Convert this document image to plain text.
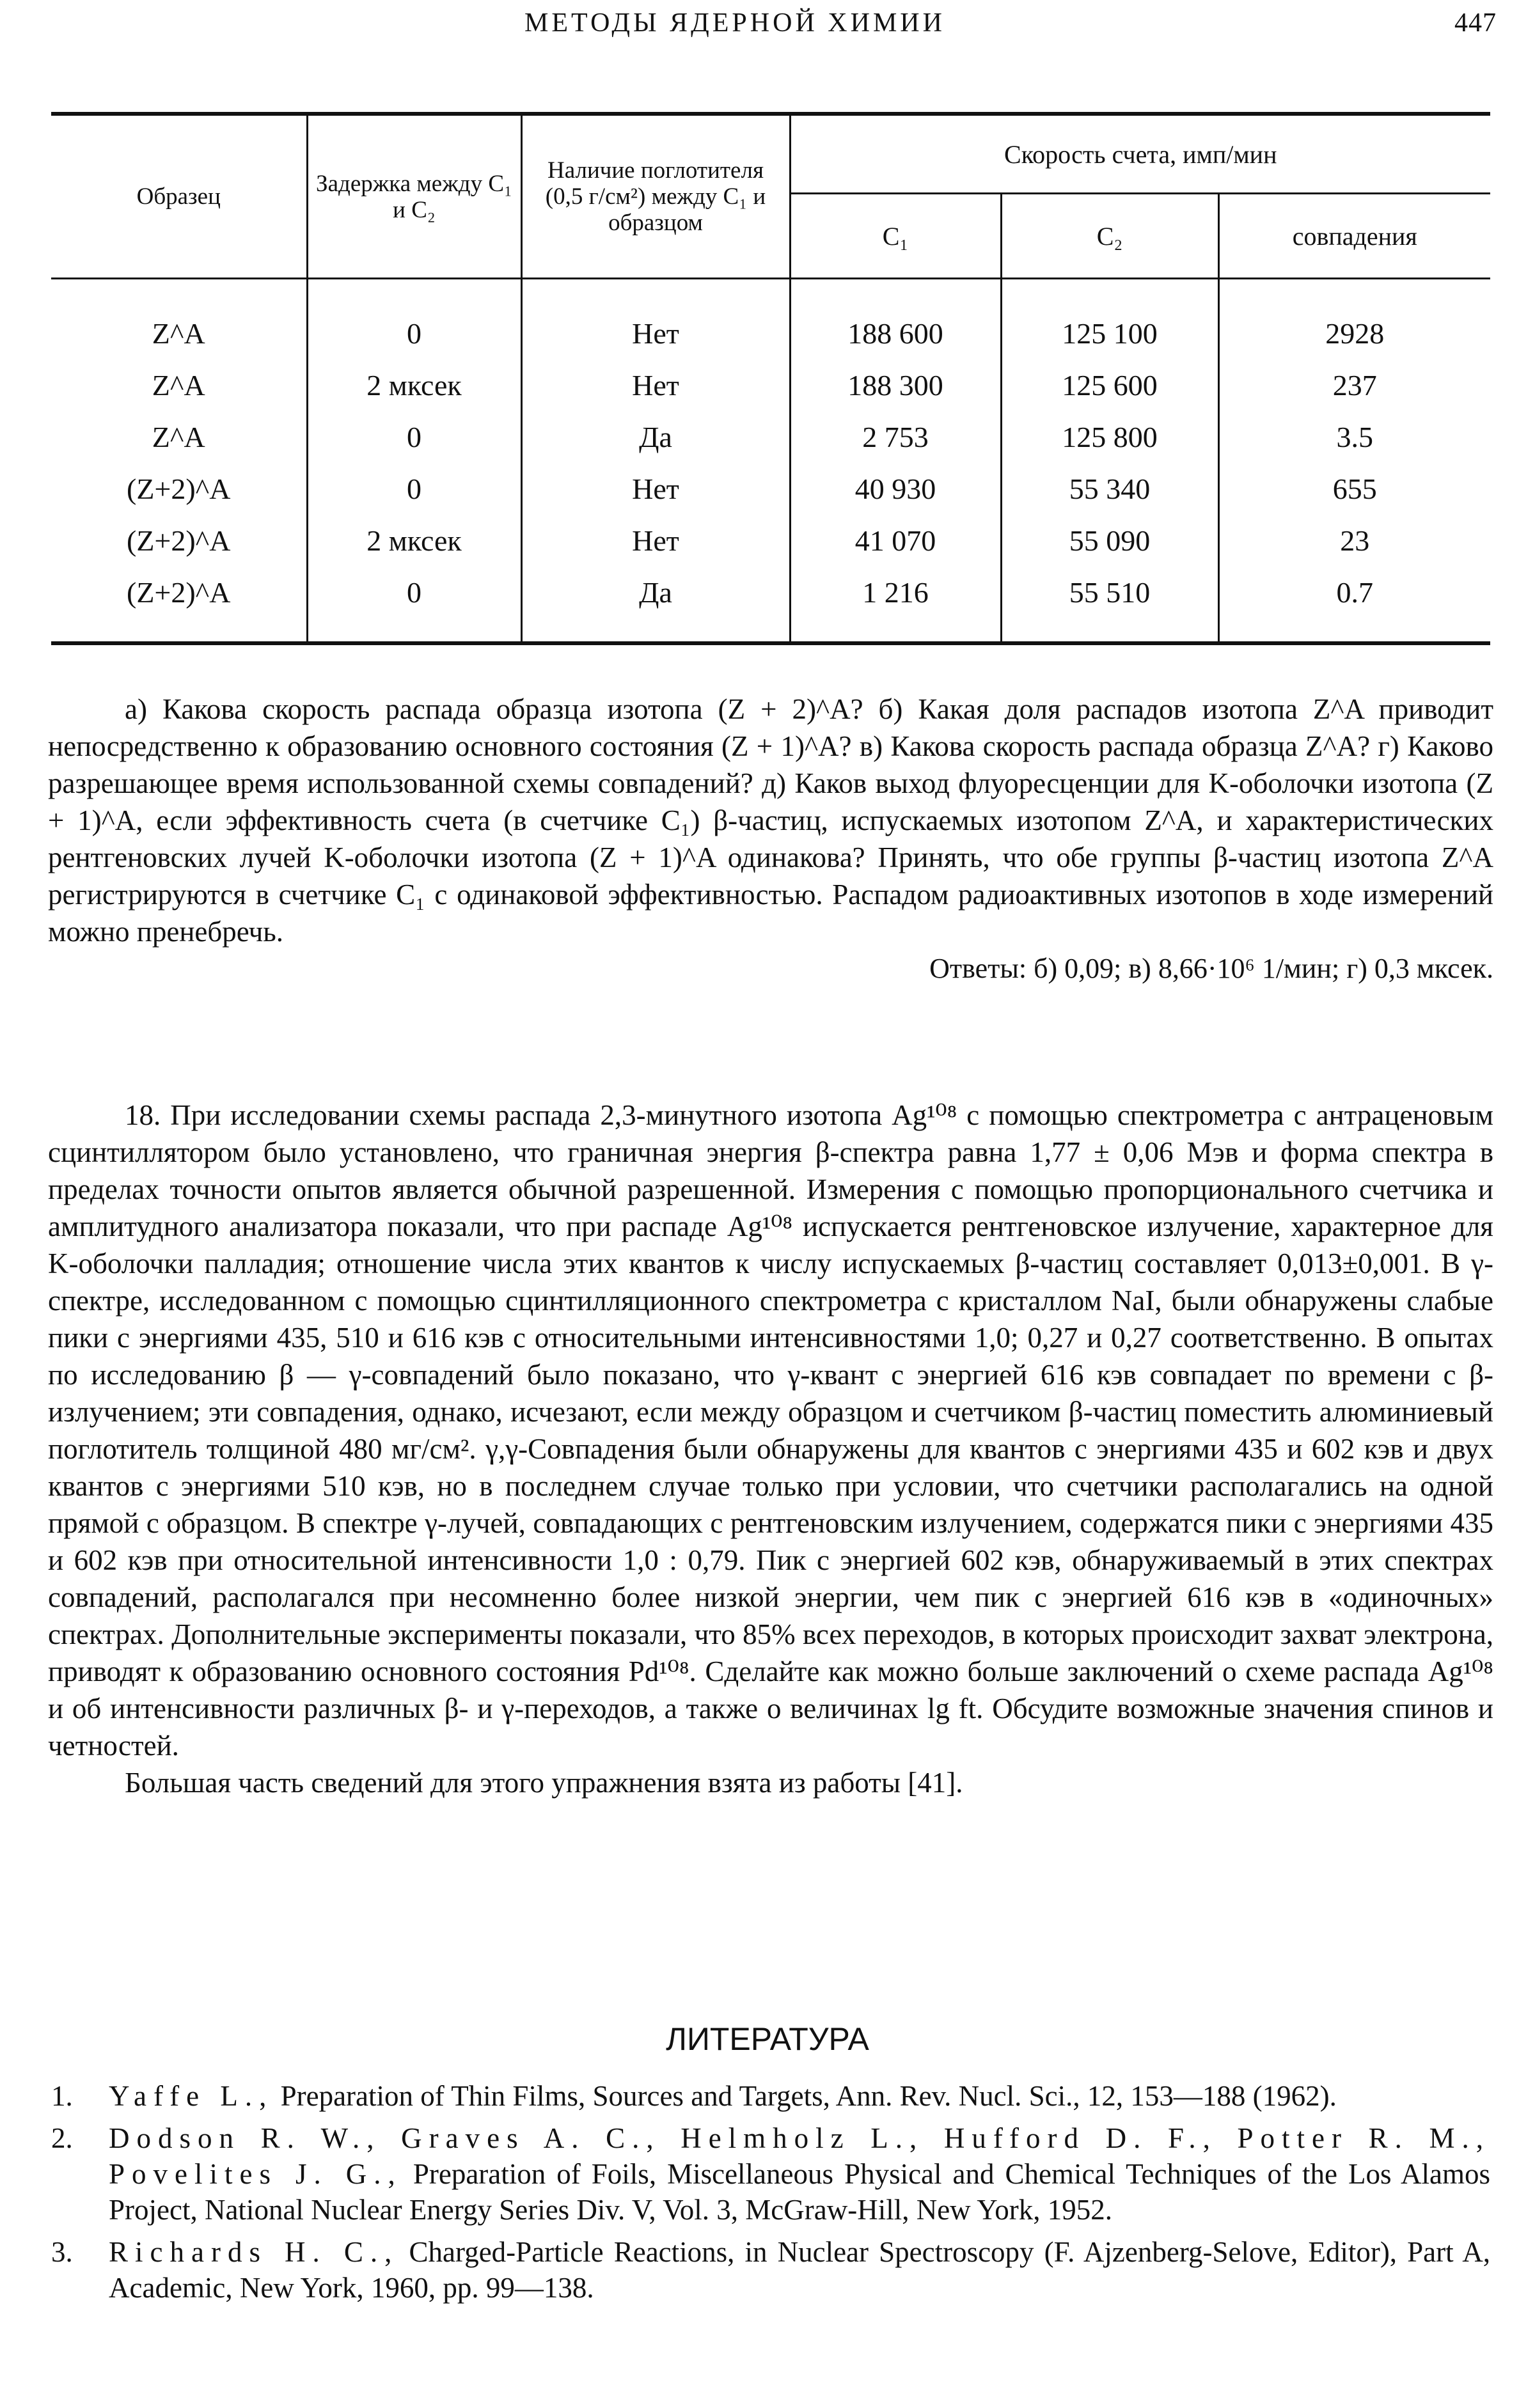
МЕТОДЫ ЯДЕРНОЙ ХИМИИ	447
Образец	Задержка между C₁ и C₂	Наличие поглотителя (0,5 г/см²) между C₁ и образцом	Скорость счета, имп/мин		
			C₁	C₂	совпадения
Z^A	0	Нет	188 600	125 100	2928
Z^A	2 мксек	Нет	188 300	125 600	237
Z^A	0	Да	2 753	125 800	3.5
(Z+2)^A	0	Нет	40 930	55 340	655
(Z+2)^A	2 мксек	Нет	41 070	55 090	23
(Z+2)^A	0	Да	1 216	55 510	0.7

а) Какова скорость распада образца изотопа (Z + 2)^A? б) Какая доля распадов изотопа Z^A приводит непосредственно к образованию основного состояния (Z + 1)^A? в) Какова скорость распада образца Z^A? г) Каково разрешающее время использованной схемы совпадений? д) Каков выход флуоресценции для K-оболочки изотопа (Z + 1)^A, если эффективность счета (в счетчике C₁) β-частиц, испускаемых изотопом Z^A, и характеристических рентгеновских лучей K-оболочки изотопа (Z + 1)^A одинакова? Принять, что обе группы β-частиц изотопа Z^A регистрируются в счетчике C₁ с одинаковой эффективностью. Распадом радиоактивных изотопов в ходе измерений можно пренебречь.

Ответы: б) 0,09; в) 8,66·10⁶ 1/мин; г) 0,3 мксек.

18. При исследовании схемы распада 2,3-минутного изотопа Ag¹⁰⁸ с помощью спектрометра с антраценовым сцинтиллятором было установлено, что граничная энергия β-спектра равна 1,77 ± 0,06 Мэв и форма спектра в пределах точности опытов является обычной разрешенной. Измерения с помощью пропорционального счетчика и амплитудного анализатора показали, что при распаде Ag¹⁰⁸ испускается рентгеновское излучение, характерное для K-оболочки палладия; отношение числа этих квантов к числу испускаемых β-частиц составляет 0,013±0,001. В γ-спектре, исследованном с помощью сцинтилляционного спектрометра с кристаллом NaI, были обнаружены слабые пики с энергиями 435, 510 и 616 кэв с относительными интенсивностями 1,0; 0,27 и 0,27 соответственно. В опытах по исследованию β — γ-совпадений было показано, что γ-квант с энергией 616 кэв совпадает по времени с β-излучением; эти совпадения, однако, исчезают, если между образцом и счетчиком β-частиц поместить алюминиевый поглотитель толщиной 480 мг/см². γ,γ-Совпадения были обнаружены для квантов с энергиями 435 и 602 кэв и двух квантов с энергиями 510 кэв, но в последнем случае только при условии, что счетчики располагались на одной прямой с образцом. В спектре γ-лучей, совпадающих с рентгеновским излучением, содержатся пики с энергиями 435 и 602 кэв при относительной интенсивности 1,0 : 0,79. Пик с энергией 602 кэв, обнаруживаемый в этих спектрах совпадений, располагался при несомненно более низкой энергии, чем пик с энергией 616 кэв в «одиночных» спектрах. Дополнительные эксперименты показали, что 85% всех переходов, в которых происходит захват электрона, приводят к образованию основного состояния Pd¹⁰⁸. Сделайте как можно больше заключений о схеме распада Ag¹⁰⁸ и об интенсивности различных β- и γ-переходов, а также о величинах lg ft. Обсудите возможные значения спинов и четностей.

Большая часть сведений для этого упражнения взята из работы [41].

ЛИТЕРАТУРА
1. Yaffe L., Preparation of Thin Films, Sources and Targets, Ann. Rev. Nucl. Sci., 12, 153—188 (1962).
2. Dodson R. W., Graves A. C., Helmholz L., Hufford D. F., Potter R. M., Povelites J. G., Preparation of Foils, Miscellaneous Physical and Chemical Techniques of the Los Alamos Project, National Nuclear Energy Series Div. V, Vol. 3, McGraw-Hill, New York, 1952.
3. Richards H. C., Charged-Particle Reactions, in Nuclear Spectroscopy (F. Ajzenberg-Selove, Editor), Part A, Academic, New York, 1960, pp. 99—138.
